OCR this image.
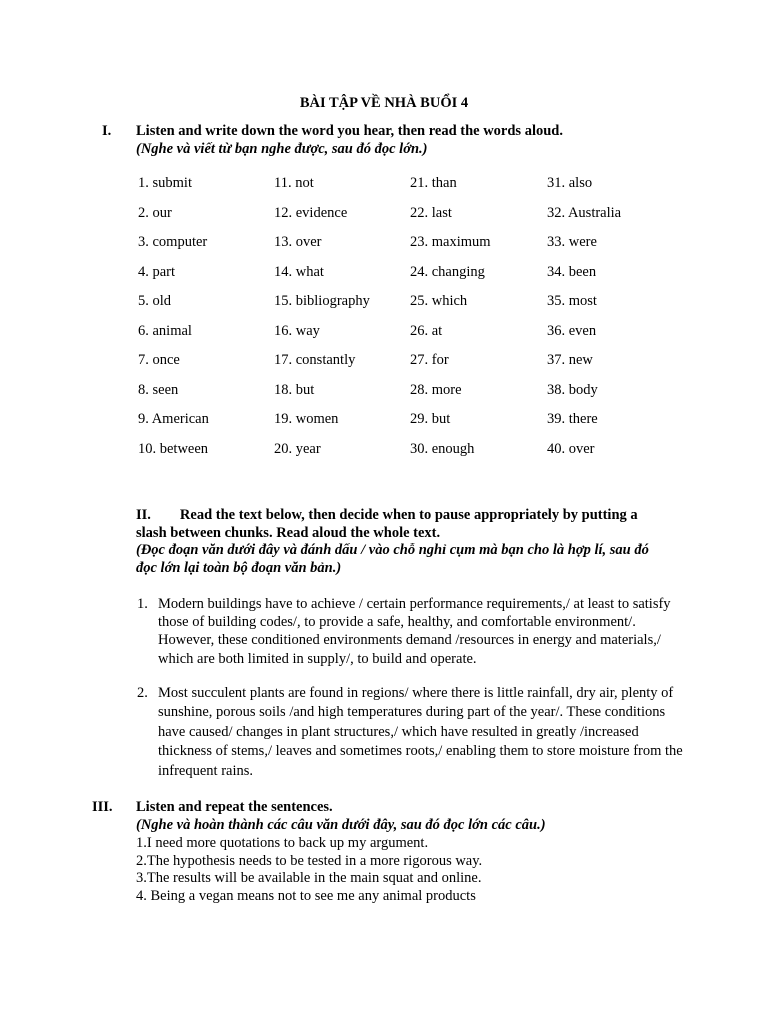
BÀI TẬP VỀ NHÀ BUỔI 4
I. Listen and write down the word you hear, then read the words aloud.
(Nghe và viết từ bạn nghe được, sau đó đọc lớn.)
1. submit	11. not	21. than	31. also
2. our	12. evidence	22. last	32. Australia
3. computer	13. over	23. maximum	33. were
4. part	14. what	24. changing	34. been
5. old	15. bibliography	25. which	35. most
6. animal	16. way	26. at	36. even
7. once	17. constantly	27. for	37. new
8. seen	18. but	28. more	38. body
9. American	19. women	29. but	39. there
10. between	20. year	30. enough	40. over
II. Read the text below, then decide when to pause appropriately by putting a
slash between chunks. Read aloud the whole text.
(Đọc đoạn văn dưới đây và đánh dấu / vào chỗ nghỉ cụm mà bạn cho là hợp lí, sau đó
đọc lớn lại toàn bộ đoạn văn bản.)
1. Modern buildings have to achieve / certain performance requirements,/ at least to satisfy those of building codes/, to provide a safe, healthy, and comfortable environment/. However, these conditioned environments demand /resources in energy and materials,/ which are both limited in supply/, to build and operate.
2. Most succulent plants are found in regions/ where there is little rainfall, dry air, plenty of sunshine, porous soils /and high temperatures during part of the year/. These conditions have caused/ changes in plant structures,/ which have resulted in greatly /increased thickness of stems,/ leaves and sometimes roots,/ enabling them to store moisture from the infrequent rains.
III. Listen and repeat the sentences.
(Nghe và hoàn thành các câu văn dưới đây, sau đó đọc lớn các câu.)
1.I need more quotations to back up my argument.
2.The hypothesis needs to be tested in a more rigorous way.
3.The results will be available in the main squat and online.
4. Being a vegan means not to see me any animal products
